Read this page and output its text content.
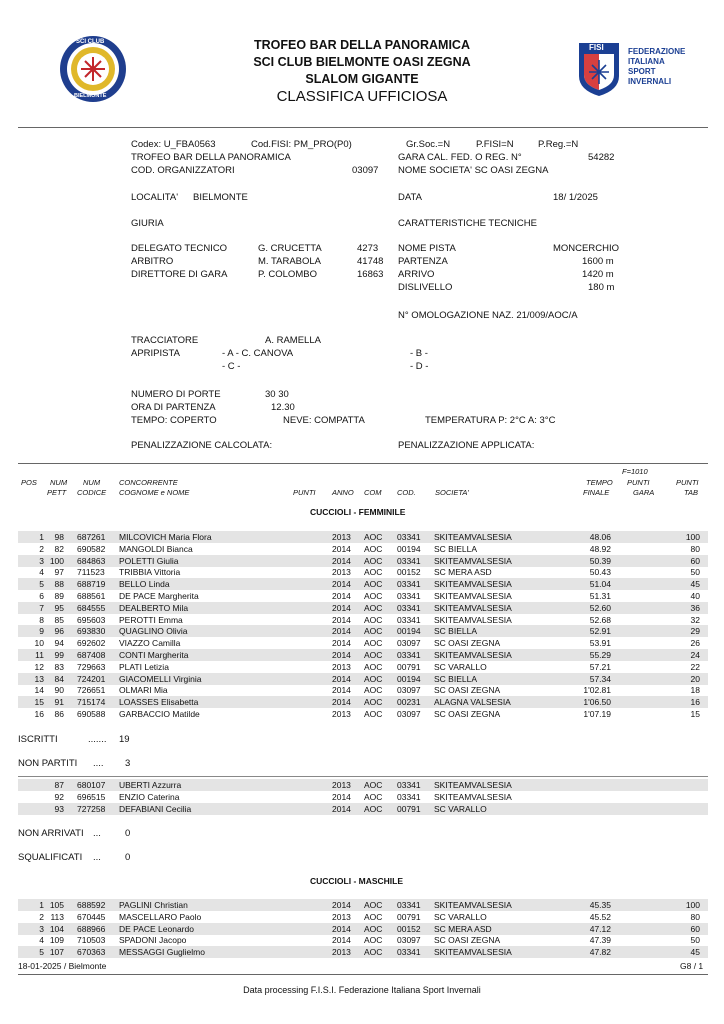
SCI CLUB
BIELMONTE
FISI	FEDERAZIONE
ITALIANA
SPORT
INVERNALI
TROFEO BAR DELLA PANORAMICA
SCI CLUB BIELMONTE OASI ZEGNA
SLALOM GIGANTE
CLASSIFICA UFFICIOSA
Codex: U_FBA0563	Cod.FISI: PM_PRO(P0)	Gr.Soc.=N	P.FISI=N	P.Reg.=N
TROFEO BAR DELLA PANORAMICA	GARA CAL. FED. O REG. N°	54282
COD. ORGANIZZATORI	03097 NOME SOCIETA' SC OASI ZEGNA
LOCALITA' BIELMONTE	DATA	18/ 1/2025
GIURIA	CARATTERISTICHE TECNICHE
DELEGATO TECNICO	G. CRUCETTA	4273
ARBITRO	M. TARABOLA	41748
DIRETTORE DI GARA	P. COLOMBO	16863
NOME PISTA	MONCERCHIO
PARTENZA	1600 m
ARRIVO	1420 m
DISLIVELLO	180 m
N° OMOLOGAZIONE NAZ. 21/009/AOC/A
TRACCIATORE	A. RAMELLA
APRIPISTA	- A - C. CANOVA
- C -
- B -
- D -
NUMERO DI PORTE	30 30
ORA DI PARTENZA	12.30
TEMPO: COPERTO	NEVE: COMPATTA	TEMPERATURA P: 2°C A: 3°C
PENALIZZAZIONE CALCOLATA:	PENALIZZAZIONE APPLICATA:
POS NUM
PETT
NUM
CODICE
CONCORRENTE
COGNOME e NOME	PUNTI ANNO COM COD.	SOCIETA'
TEMPO
FINALE
F=1010
PUNTI
GARA
PUNTI
TAB
CUCCIOLI - FEMMINILE
1 98 687261 MILCOVICH Maria Flora	2013 AOC 03341 SKITEAMVALSESIA	48.06	100
2 82 690582 MANGOLDI Bianca	2014 AOC 00194 SC BIELLA	48.92	80
3 100 684863 POLETTI Giulia	2014 AOC 03341 SKITEAMVALSESIA	50.39	60
4 97 711523 TRIBBIA Vittoria	2013 AOC 00152 SC MERA ASD	50.43	50
5 88 688719 BELLO Linda	2014 AOC 03341 SKITEAMVALSESIA	51.04	45
6 89 688561 DE PACE Margherita	2014 AOC 03341 SKITEAMVALSESIA	51.31	40
7 95 684555 DEALBERTO Mila	2014 AOC 03341 SKITEAMVALSESIA	52.60	36
8 85 695603 PEROTTI Emma	2014 AOC 03341 SKITEAMVALSESIA	52.68	32
9 96 693830 QUAGLINO Olivia	2014 AOC 00194 SC BIELLA	52.91	29
10 94 692602 VIAZZO Camilla	2014 AOC 03097 SC OASI ZEGNA	53.91	26
11 99 687408 CONTI Margherita	2014 AOC 03341 SKITEAMVALSESIA	55.29	24
12 83 729663 PLATI Letizia	2013 AOC 00791 SC VARALLO	57.21	22
13 84 724201 GIACOMELLI Virginia	2014 AOC 00194 SC BIELLA	57.34	20
14 90 726651 OLMARI Mia	2014 AOC 03097 SC OASI ZEGNA	1'02.81	18
15 91 715174 LOASSES Elisabetta	2014 AOC 00231 ALAGNA VALSESIA	1'06.50	16
16 86 690588 GARBACCIO Matilde	2013 AOC 03097 SC OASI ZEGNA	1'07.19	15
ISCRITTI	....... 19
NON PARTITI .... 3
87 680107 UBERTI Azzurra	2013 AOC 03341 SKITEAMVALSESIA
92 696515 ENZIO Caterina	2014 AOC 03341 SKITEAMVALSESIA
93 727258 DEFABIANI Cecilia	2014 AOC 00791 SC VARALLO
NON ARRIVATI ...	0
SQUALIFICATI ...	0
CUCCIOLI - MASCHILE
1 105 688592 PAGLINI Christian	2014 AOC 03341 SKITEAMVALSESIA	45.35	100
2 113 670445 MASCELLARO Paolo	2013 AOC 00791 SC VARALLO	45.52	80
3 104 688966 DE PACE Leonardo	2014 AOC 00152 SC MERA ASD	47.12	60
4 109 710503 SPADONI Jacopo	2014 AOC 03097 SC OASI ZEGNA	47.39	50
5 107 670363 MESSAGGI Guglielmo	2013 AOC 03341 SKITEAMVALSESIA	47.82	45
18-01-2025 / Bielmonte	G8 / 1
Data processing F.I.S.I. Federazione Italiana Sport Invernali
